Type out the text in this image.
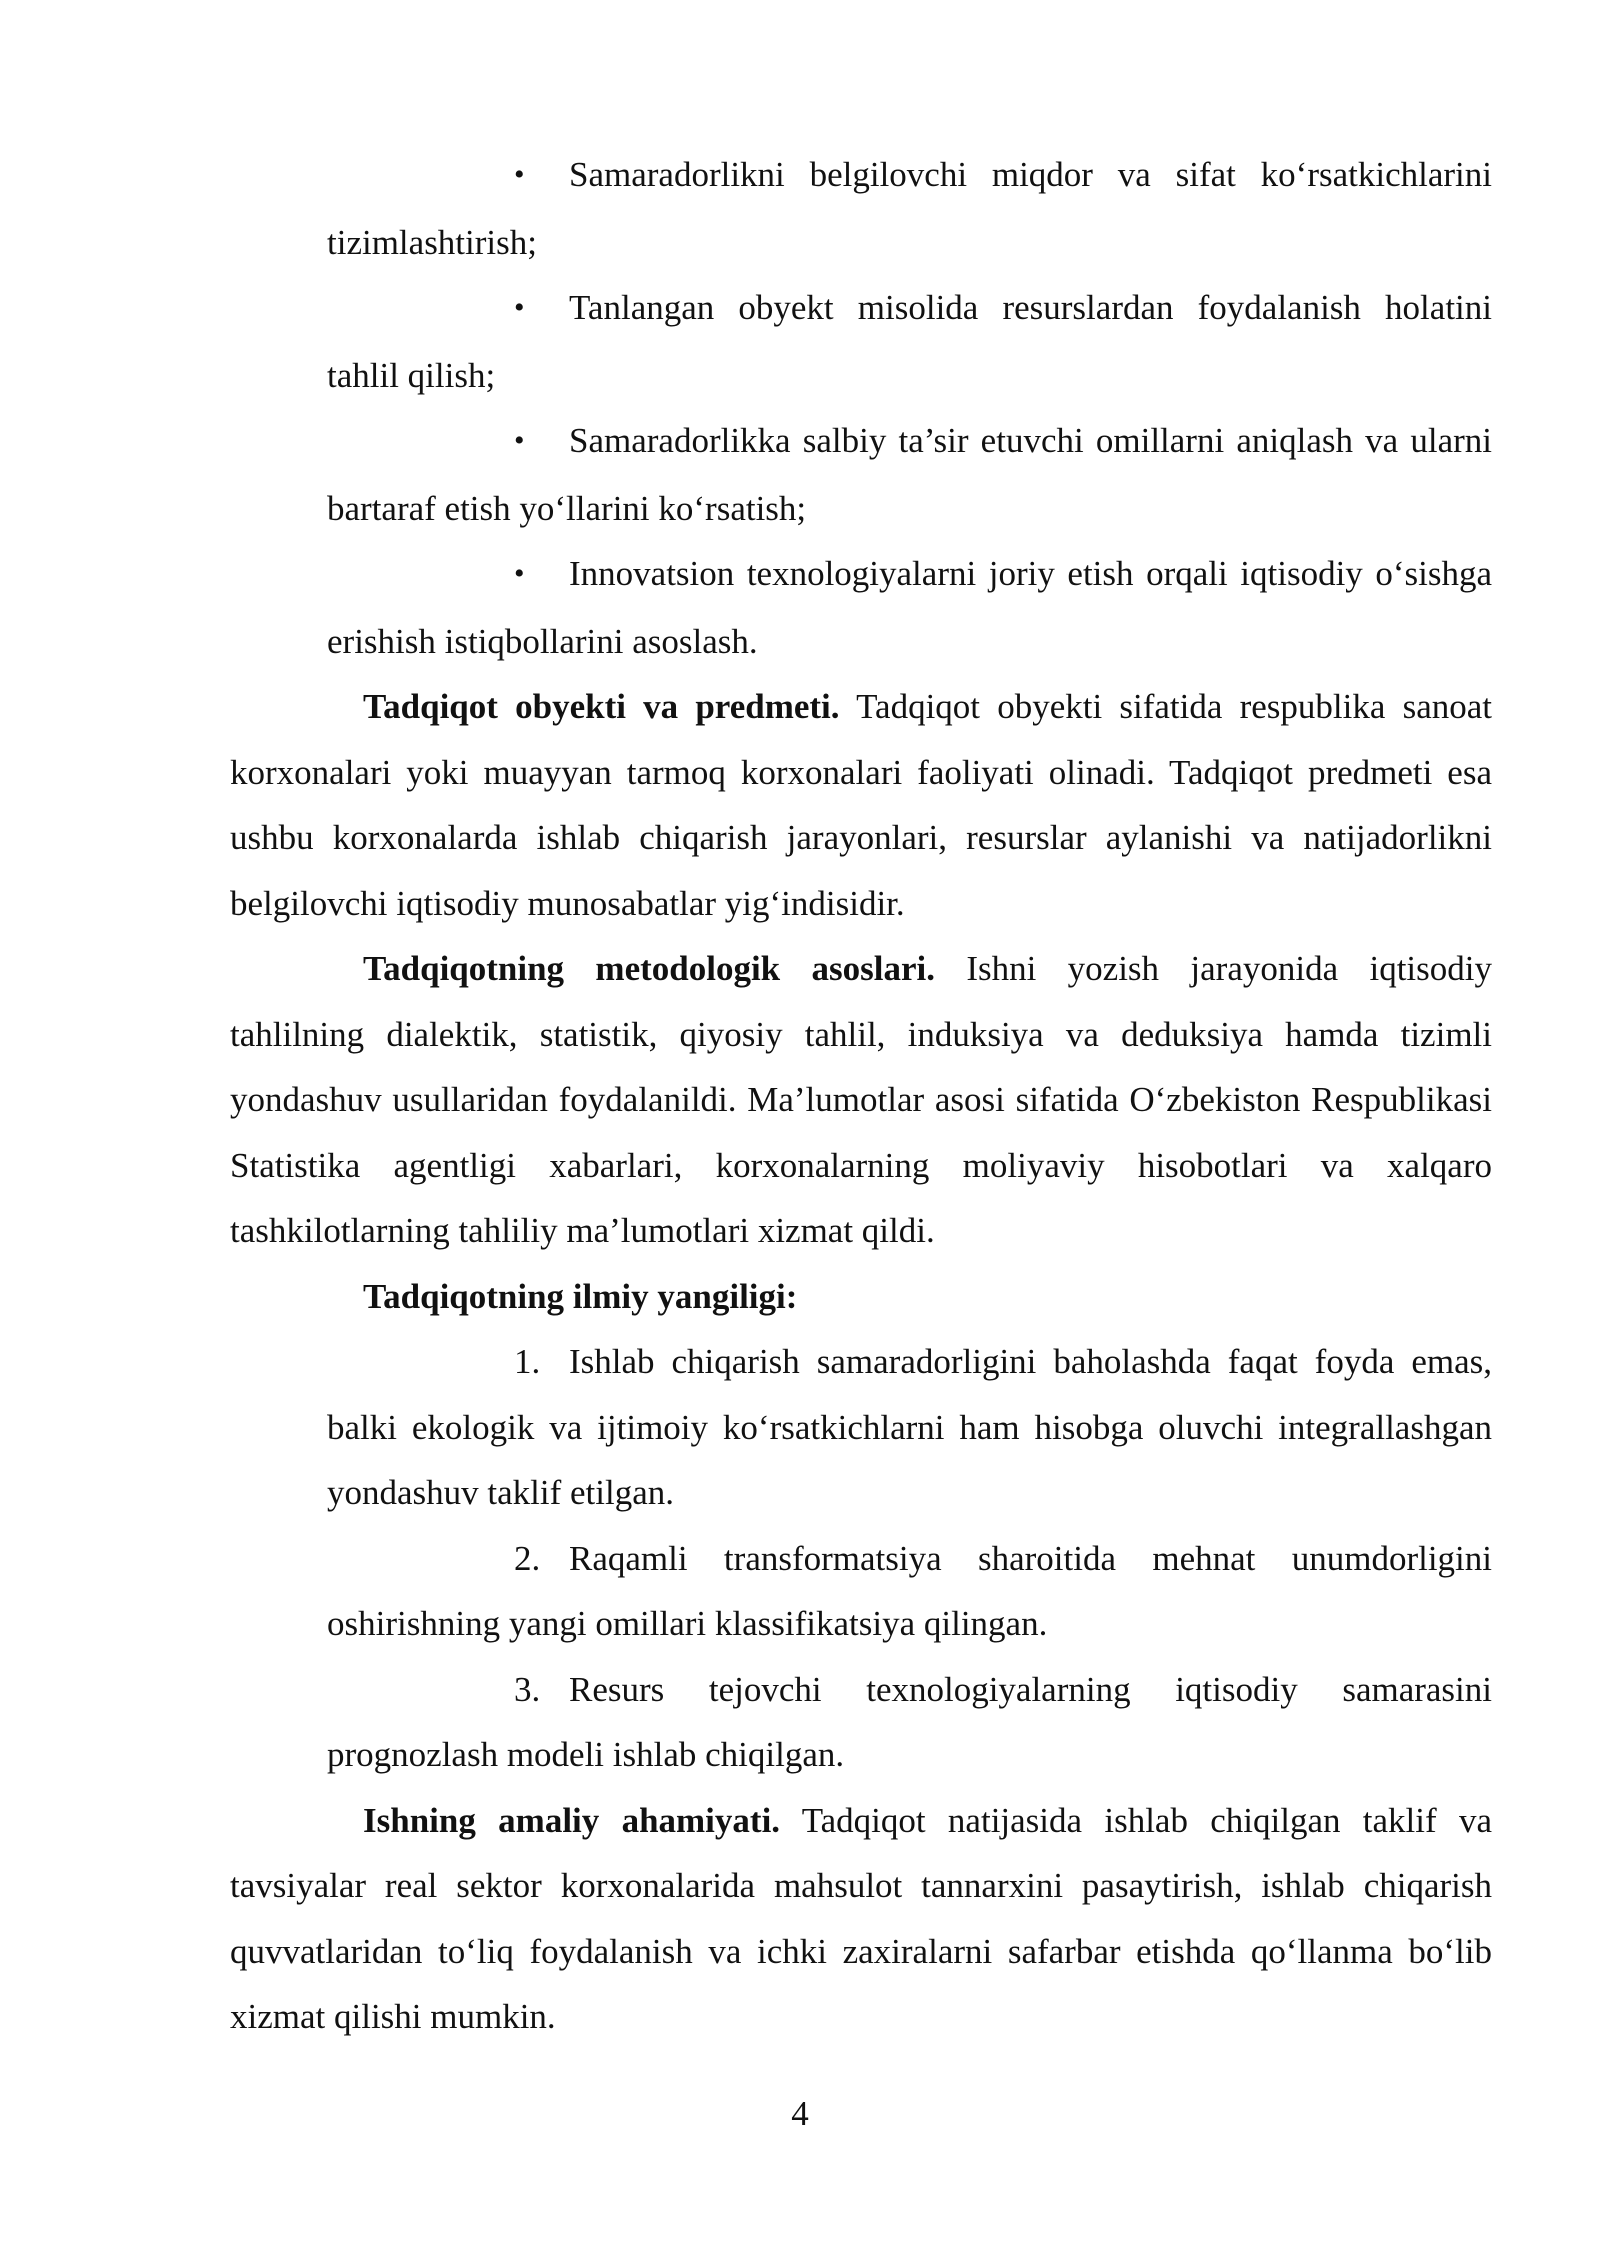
• Samaradorlikni belgilovchi miqdor va sifat ko‘rsatkichlarini tizimlashtirish;

• Tanlangan obyekt misolida resurslardan foydalanish holatini tahlil qilish;

• Samaradorlikka salbiy ta’sir etuvchi omillarni aniqlash va ularni bartaraf etish yo‘llarini ko‘rsatish;

• Innovatsion texnologiyalarni joriy etish orqali iqtisodiy o‘sishga erishish istiqbollarini asoslash.

Tadqiqot obyekti va predmeti. Tadqiqot obyekti sifatida respublika sanoat korxonalari yoki muayyan tarmoq korxonalari faoliyati olinadi. Tadqiqot predmeti esa ushbu korxonalarda ishlab chiqarish jarayonlari, resurslar aylanishi va natijadorlikni belgilovchi iqtisodiy munosabatlar yig‘indisidir.

Tadqiqotning metodologik asoslari. Ishni yozish jarayonida iqtisodiy tahlilning dialektik, statistik, qiyosiy tahlil, induksiya va deduksiya hamda tizimli yondashuv usullaridan foydalanildi. Ma’lumotlar asosi sifatida O‘zbekiston Respublikasi Statistika agentligi xabarlari, korxonalarning moliyaviy hisobotlari va xalqaro tashkilotlarning tahliliy ma’lumotlari xizmat qildi.

Tadqiqotning ilmiy yangiligi:

1. Ishlab chiqarish samaradorligini baholashda faqat foyda emas, balki ekologik va ijtimoiy ko‘rsatkichlarni ham hisobga oluvchi integrallashgan yondashuv taklif etilgan.

2. Raqamli transformatsiya sharoitida mehnat unumdorligini oshirishning yangi omillari klassifikatsiya qilingan.

3. Resurs tejovchi texnologiyalarning iqtisodiy samarasini prognozlash modeli ishlab chiqilgan.

Ishning amaliy ahamiyati. Tadqiqot natijasida ishlab chiqilgan taklif va tavsiyalar real sektor korxonalarida mahsulot tannarxini pasaytirish, ishlab chiqarish quvvatlaridan to‘liq foydalanish va ichki zaxiralarni safarbar etishda qo‘llanma bo‘lib xizmat qilishi mumkin.

4
